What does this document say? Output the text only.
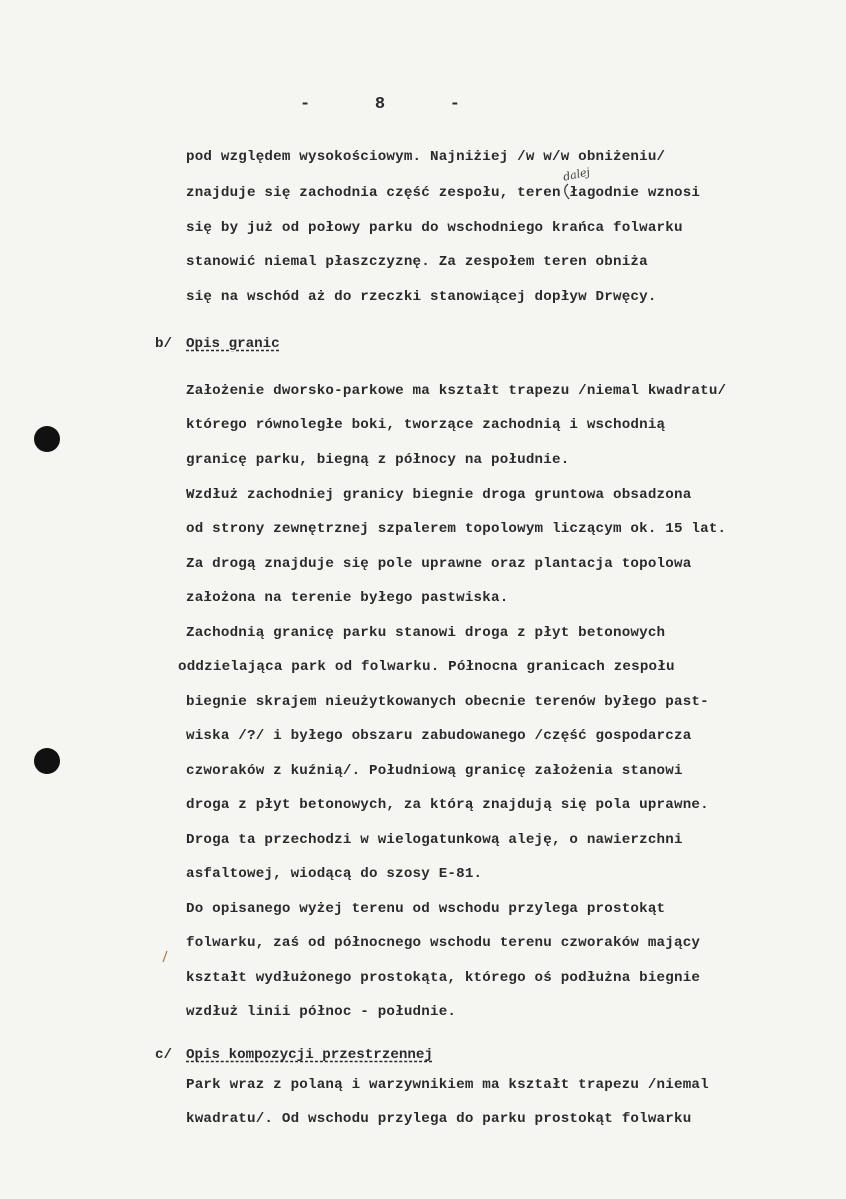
-	8	-
dalej
pod względem wysokościowym. Najniżiej /w w/w obniżeniu/
znajduje się zachodnia część zespołu, teren łagodnie wznosi
się by już od połowy parku do wschodniego krańca folwarku
stanowić niemal płaszczyznę. Za zespołem teren obniża
się na wschód aż do rzeczki stanowiącej dopływ Drwęcy.
b/ Opis granic
Założenie dworsko-parkowe ma kształt trapezu /niemal kwadratu/
któregо równoległe boki, tworzące zachodnią i wschodnią
granicę parku, biegną z północy na południe.
Wzdłuż zachodniej granicy biegnie droga gruntowa obsadzona
od strony zewnętrznej szpalerem topolowym liczącym ok. 15 lat.
Za drogą znajduje się pole uprawne oraz plantacja topolowa
założona na terenie byłego pastwiska.
Zachodnią granicę parku stanowi droga z płyt betonowych
oddzielająca park od folwarku. Północna granicach zespołu
biegnie skrajem nieużytkowanych obecnie terenów byłego past-
wiska /?/ i byłego obszaru zabudowanego /część gospodarcza
czworaków z kuźnią/. Południową granicę założenia stanowi
droga z płyt betonowych, za którą znajdują się pola uprawne.
Droga ta przechodzi w wielogatunkową aleję, o nawierzchni
asfaltowej, wiodącą do szosy E-81.
Do opisanego wyżej terenu od wschodu przylega prostokąt
folwarku, zaś od północnego wschodu terenu czworaków mający
kształt wydłużonego prostokąta, którego oś podłużna biegnie
wzdłuż linii północ - południe.
c/ Opis kompozycji przestrzennej
Park wraz z polaną i warzywnikiem ma kształt trapezu /niemal
kwadratu/. Od wschodu przylega do parku prostokąt folwarku
